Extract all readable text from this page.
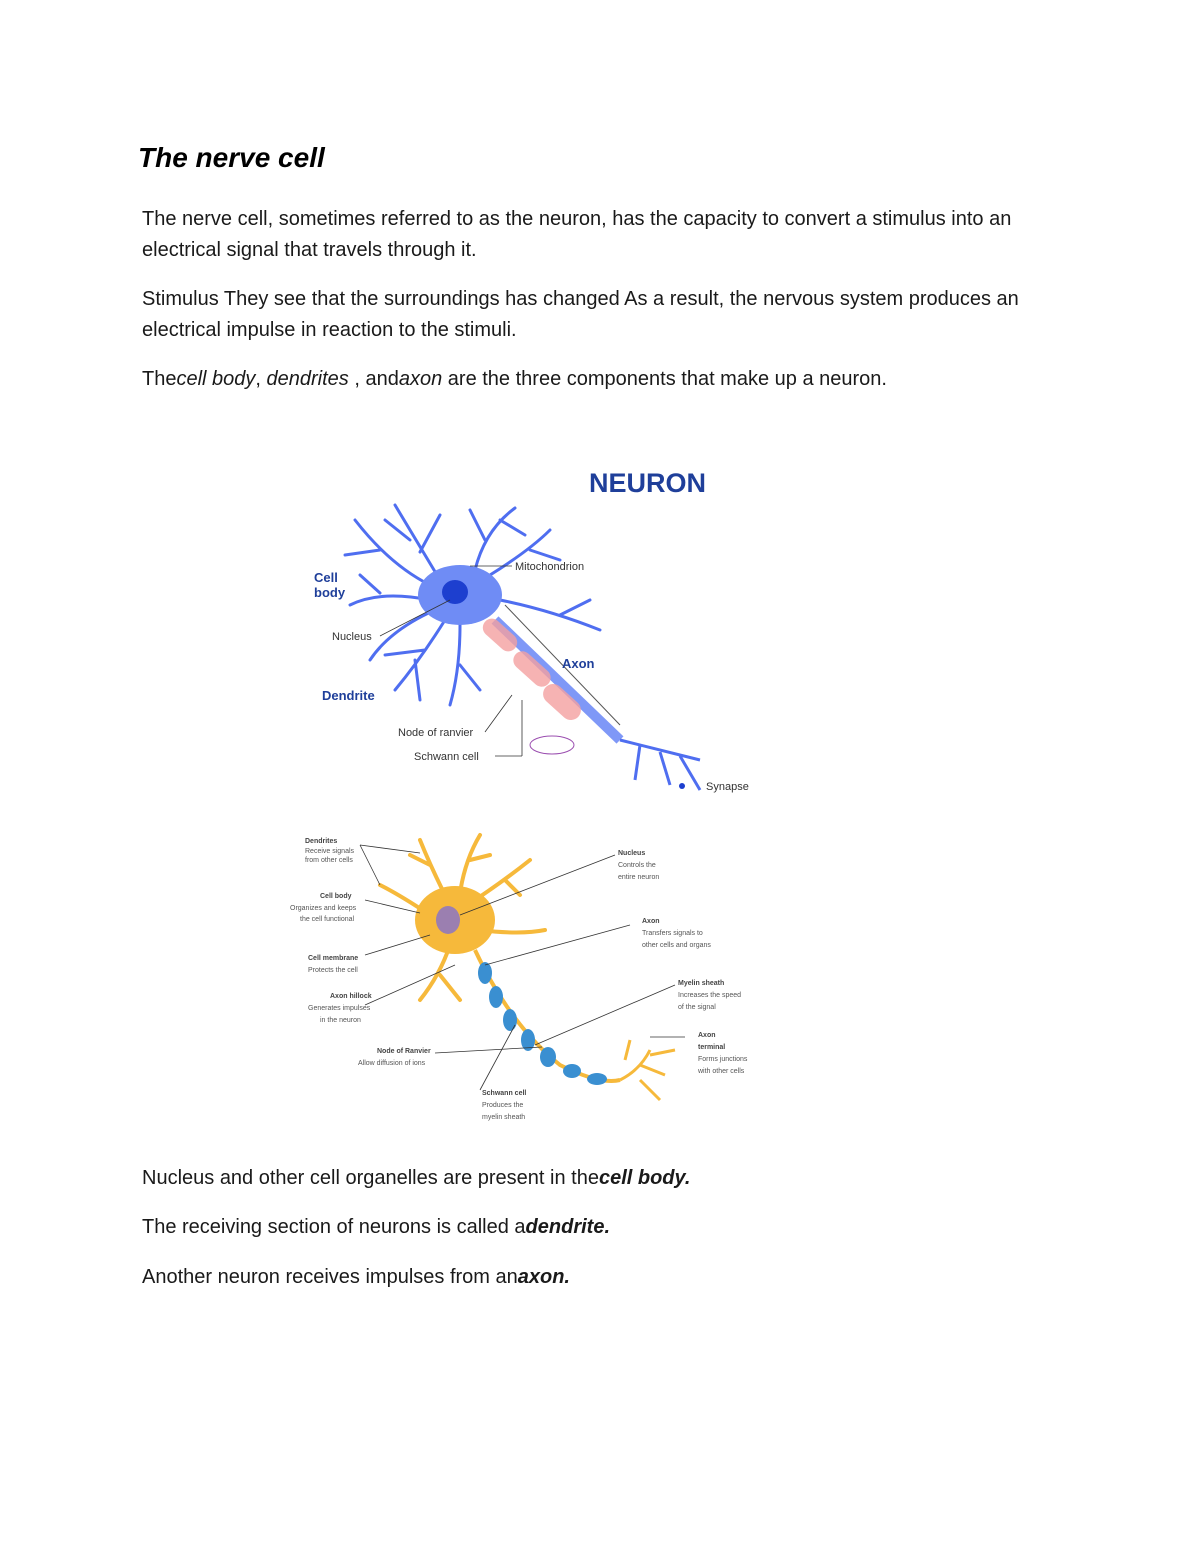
The nerve cell

The nerve cell, sometimes referred to as the neuron, has the capacity to convert a stimulus into an electrical signal that travels through it.

Stimulus They see that the surroundings has changed As a result, the nervous system produces an electrical impulse in reaction to the stimuli.

Thecell body, dendrites , andaxon are the three components that make up a neuron.

NEURON
Cell
body
Nucleus
Dendrite
Mitochondrion
Axon
Node of ranvier
Schwann cell
Synapse
Dendrites
Receive signals
from other cells
Cell body
Organizes and keeps
the cell functional
Cell membrane
Protects the cell
Axon hillock
Generates impulses
in the neuron
Node of Ranvier
Allow diffusion of ions
Schwann cell
Produces the
myelin sheath
Nucleus
Controls the
entire neuron
Axon
Transfers signals to
other cells and organs
Myelin sheath
Increases the speed
of the signal
Axon
terminal
Forms junctions
with other cells

Nucleus and other cell organelles are present in thecell body.

The receiving section of neurons is called adendrite.

Another neuron receives impulses from anaxon.
